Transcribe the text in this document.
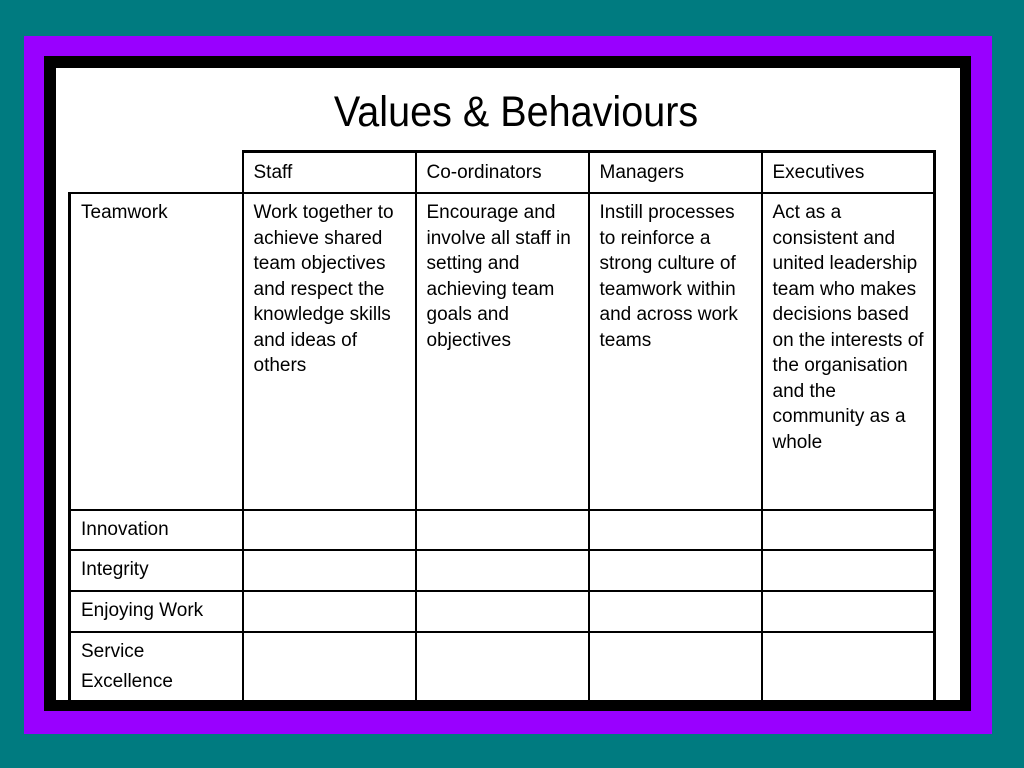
Values & Behaviours
	Staff	Co-ordinators	Managers	Executives
Teamwork	Work together to achieve shared team objectives and respect the knowledge skills and ideas of others	Encourage and involve all staff in setting and achieving team goals and objectives	Instill processes to reinforce a strong culture of teamwork within and across work teams	Act as a consistent and united leadership team who makes decisions based on the interests of the organisation and the community as a whole
Innovation				
Integrity				
Enjoying Work				
Service Excellence				
